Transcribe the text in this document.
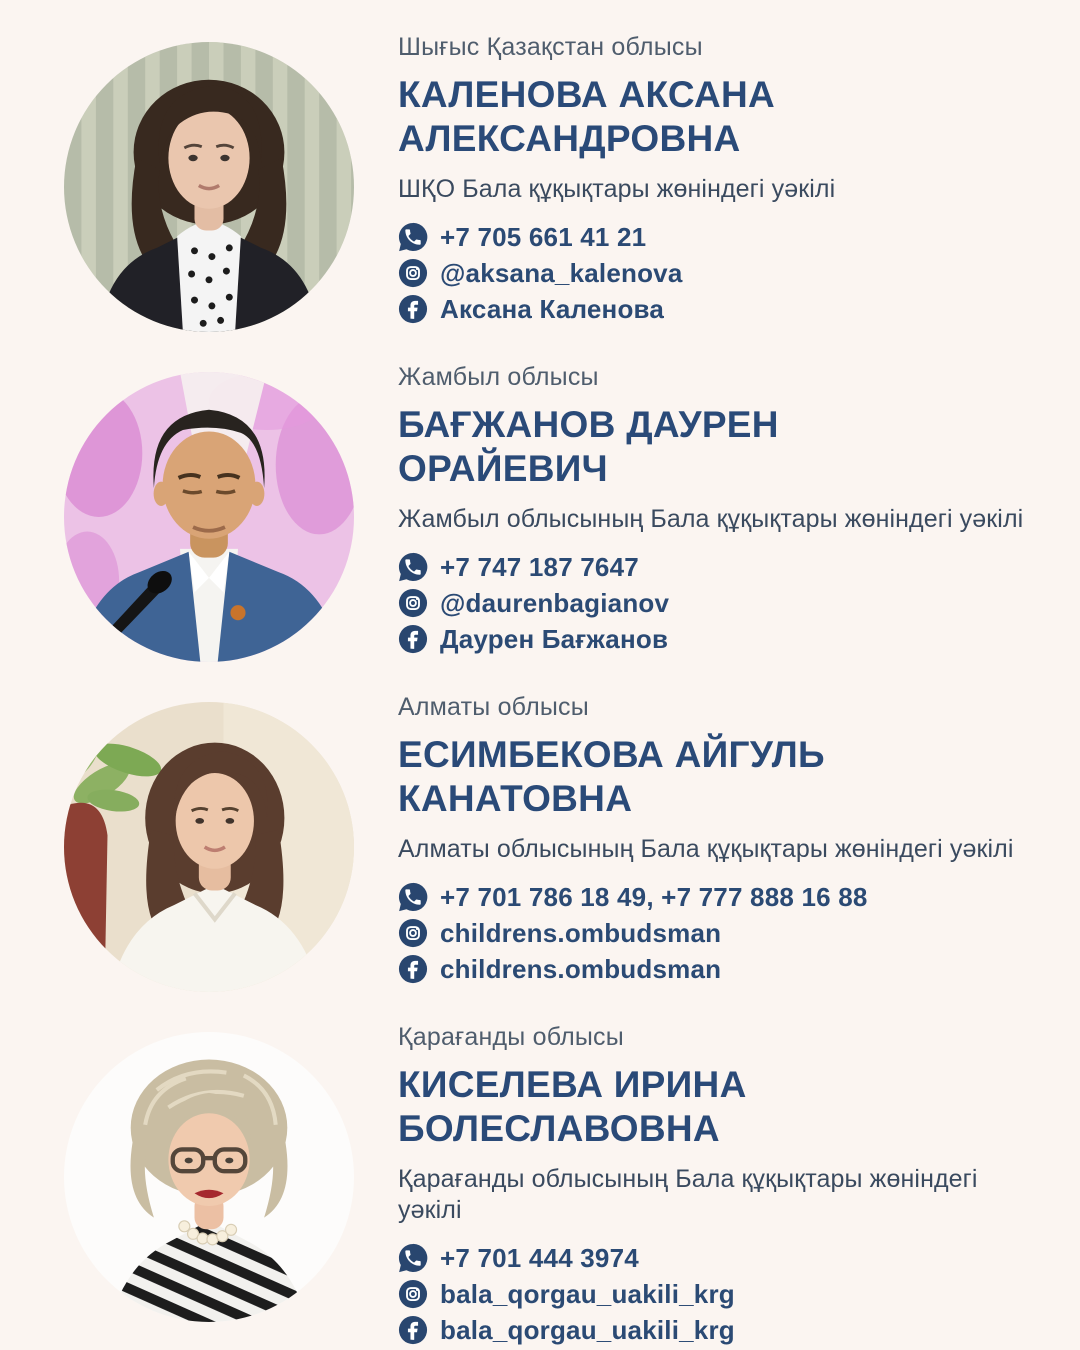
Шығыс Қазақстан облысы
КАЛЕНОВА АКСАНА
АЛЕКСАНДРОВНА
ШҚО Бала құқықтары жөніндегі уәкілі
+7 705 661 41 21
@aksana_kalenova
Аксана Каленова
Жамбыл облысы
БАҒЖАНОВ ДАУРЕН
ОРАЙЕВИЧ
Жамбыл облысының Бала құқықтары жөніндегі уәкілі
+7 747 187 7647
@daurenbagianov
Даурен Бағжанов
Алматы облысы
ЕСИМБЕКОВА АЙГУЛЬ
КАНАТОВНА
Алматы облысының Бала құқықтары жөніндегі уәкілі
+7 701 786 18 49, +7 777 888 16 88
childrens.ombudsman
childrens.ombudsman
Қарағанды облысы
КИСЕЛЕВА ИРИНА
БОЛЕСЛАВОВНА
Қарағанды облысының Бала құқықтары жөніндегі уәкілі
+7 701 444 3974
bala_qorgau_uakili_krg
bala_qorgau_uakili_krg
